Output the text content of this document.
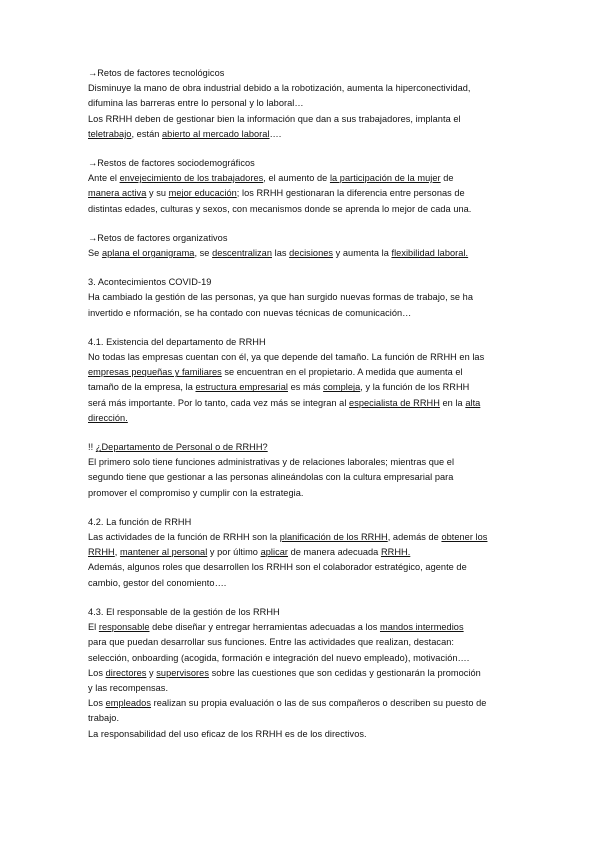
→Retos de factores tecnológicos
Disminuye la mano de obra industrial debido a la robotización, aumenta la hiperconectividad,
difumina las barreras entre lo personal y lo laboral…
Los RRHH deben de gestionar bien la información que dan a sus trabajadores, implanta el
teletrabajo, están abierto al mercado laboral….
→Restos de factores sociodemográficos
Ante el envejecimiento de los trabajadores, el aumento de la participación de la mujer de
manera activa y su mejor educación; los RRHH gestionaran la diferencia entre personas de
distintas edades, culturas y sexos, con mecanismos donde se aprenda lo mejor de cada una.
→Retos de factores organizativos
Se aplana el organigrama, se descentralizan las decisiones y aumenta la flexibilidad laboral.
3. Acontecimientos COVID-19
Ha cambiado la gestión de las personas, ya que han surgido nuevas formas de trabajo, se ha
invertido e nformación, se ha contado con nuevas técnicas de comunicación…
4.1. Existencia del departamento de RRHH
No todas las empresas cuentan con él, ya que depende del tamaño. La función de RRHH en las
empresas pequeñas y familiares se encuentran en el propietario. A medida que aumenta el
tamaño de la empresa, la estructura empresarial es más compleja, y la función de los RRHH
será más importante. Por lo tanto, cada vez más se integran al especialista de RRHH en la alta
dirección.
!! ¿Departamento de Personal o de RRHH?
El primero solo tiene funciones administrativas y de relaciones laborales; mientras que el
segundo tiene que gestionar a las personas alineándolas con la cultura empresarial para
promover el compromiso y cumplir con la estrategia.
4.2. La función de RRHH
Las actividades de la función de RRHH son la planificación de los RRHH, además de obtener los
RRHH, mantener al personal y por último aplicar de manera adecuada RRHH.
Además, algunos roles que desarrollen los RRHH son el colaborador estratégico, agente de
cambio, gestor del conomiento….
4.3. El responsable de la gestión de los RRHH
El responsable debe diseñar y entregar herramientas adecuadas a los mandos intermedios
para que puedan desarrollar sus funciones. Entre las actividades que realizan, destacan:
selección, onboarding (acogida, formación e integración del nuevo empleado), motivación….
Los directores y supervisores sobre las cuestiones que son cedidas y gestionarán la promoción
y las recompensas.
Los empleados realizan su propia evaluación o las de sus compañeros o describen su puesto de
trabajo.
La responsabilidad del uso eficaz de los RRHH es de los directivos.
